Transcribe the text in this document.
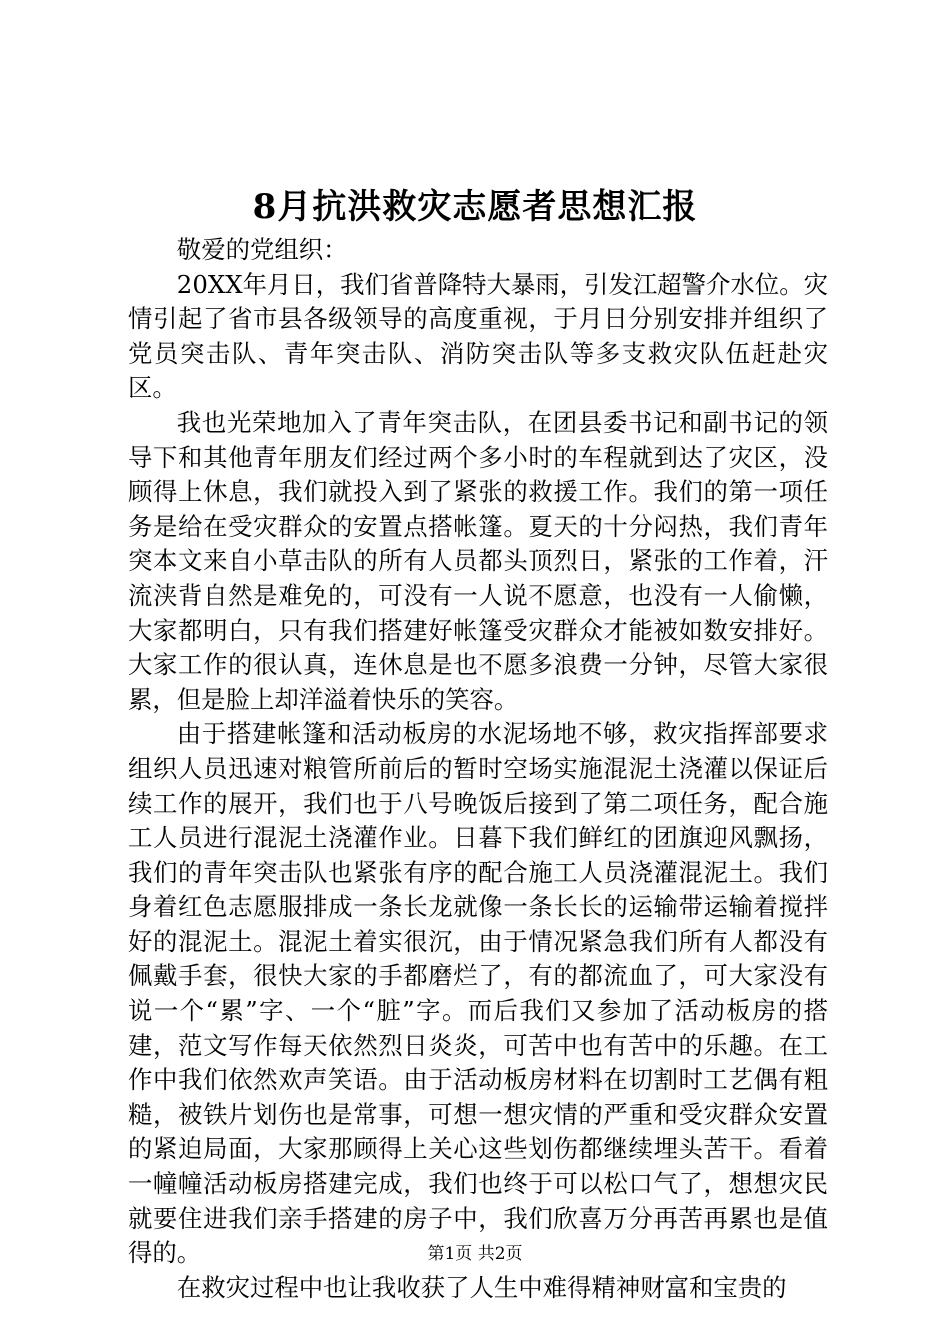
8月抗洪救灾志愿者思想汇报

敬爱的党组织：

20XX年月日，我们省普降特大暴雨，引发江超警介水位。灾情引起了省市县各级领导的高度重视，于月日分别安排并组织了党员突击队、青年突击队、消防突击队等多支救灾队伍赶赴灾区。

我也光荣地加入了青年突击队，在团县委书记和副书记的领导下和其他青年朋友们经过两个多小时的车程就到达了灾区，没顾得上休息，我们就投入到了紧张的救援工作。我们的第一项任务是给在受灾群众的安置点搭帐篷。夏天的十分闷热，我们青年突本文来自小草击队的所有人员都头顶烈日，紧张的工作着，汗流浃背自然是难免的，可没有一人说不愿意，也没有一人偷懒，大家都明白，只有我们搭建好帐篷受灾群众才能被如数安排好。大家工作的很认真，连休息是也不愿多浪费一分钟，尽管大家很累，但是脸上却洋溢着快乐的笑容。

由于搭建帐篷和活动板房的水泥场地不够，救灾指挥部要求组织人员迅速对粮管所前后的暂时空场实施混泥土浇灌以保证后续工作的展开，我们也于八号晚饭后接到了第二项任务，配合施工人员进行混泥土浇灌作业。日暮下我们鲜红的团旗迎风飘扬，我们的青年突击队也紧张有序的配合施工人员浇灌混泥土。我们身着红色志愿服排成一条长龙就像一条长长的运输带运输着搅拌好的混泥土。混泥土着实很沉，由于情况紧急我们所有人都没有佩戴手套，很快大家的手都磨烂了，有的都流血了，可大家没有说一个“累”字、一个“脏”字。而后我们又参加了活动板房的搭建，范文写作每天依然烈日炎炎，可苦中也有苦中的乐趣。在工作中我们依然欢声笑语。由于活动板房材料在切割时工艺偶有粗糙，被铁片划伤也是常事，可想一想灾情的严重和受灾群众安置的紧迫局面，大家那顾得上关心这些划伤都继续埋头苦干。看着一幢幢活动板房搭建完成，我们也终于可以松口气了，想想灾民就要住进我们亲手搭建的房子中，我们欣喜万分再苦再累也是值得的。

在救灾过程中也让我收获了人生中难得精神财富和宝贵的

第1页 共2页
